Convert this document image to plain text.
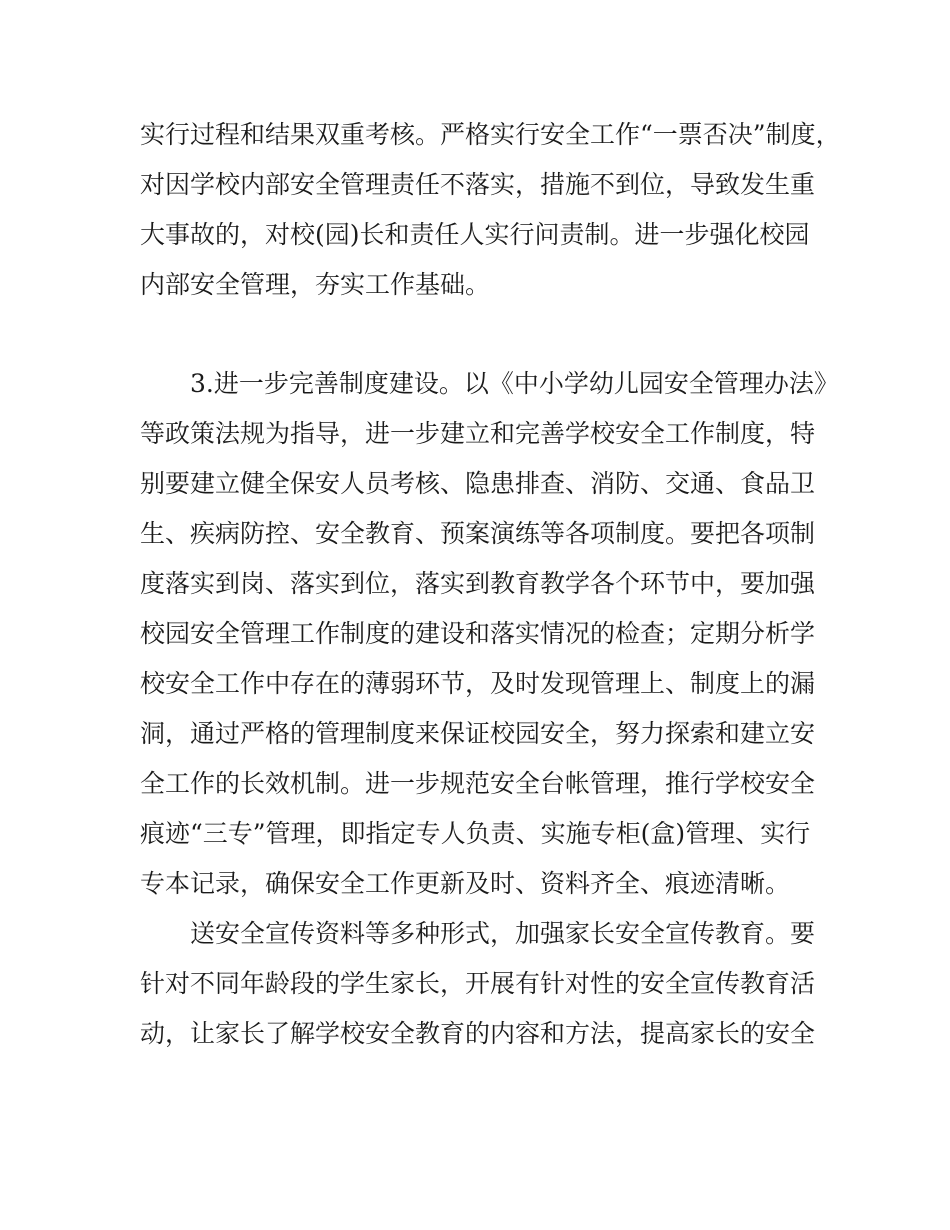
实行过程和结果双重考核。严格实行安全工作“一票否决”制度，
对因学校内部安全管理责任不落实，措施不到位，导致发生重
大事故的，对校(园)长和责任人实行问责制。进一步强化校园
内部安全管理，夯实工作基础。
3.进一步完善制度建设。以《中小学幼儿园安全管理办法》
等政策法规为指导，进一步建立和完善学校安全工作制度，特
别要建立健全保安人员考核、隐患排查、消防、交通、食品卫
生、疾病防控、安全教育、预案演练等各项制度。要把各项制
度落实到岗、落实到位，落实到教育教学各个环节中，要加强
校园安全管理工作制度的建设和落实情况的检查；定期分析学
校安全工作中存在的薄弱环节，及时发现管理上、制度上的漏
洞，通过严格的管理制度来保证校园安全，努力探索和建立安
全工作的长效机制。进一步规范安全台帐管理，推行学校安全
痕迹“三专”管理，即指定专人负责、实施专柜(盒)管理、实行
专本记录，确保安全工作更新及时、资料齐全、痕迹清晰。
送安全宣传资料等多种形式，加强家长安全宣传教育。要
针对不同年龄段的学生家长，开展有针对性的安全宣传教育活
动，让家长了解学校安全教育的内容和方法，提高家长的安全
